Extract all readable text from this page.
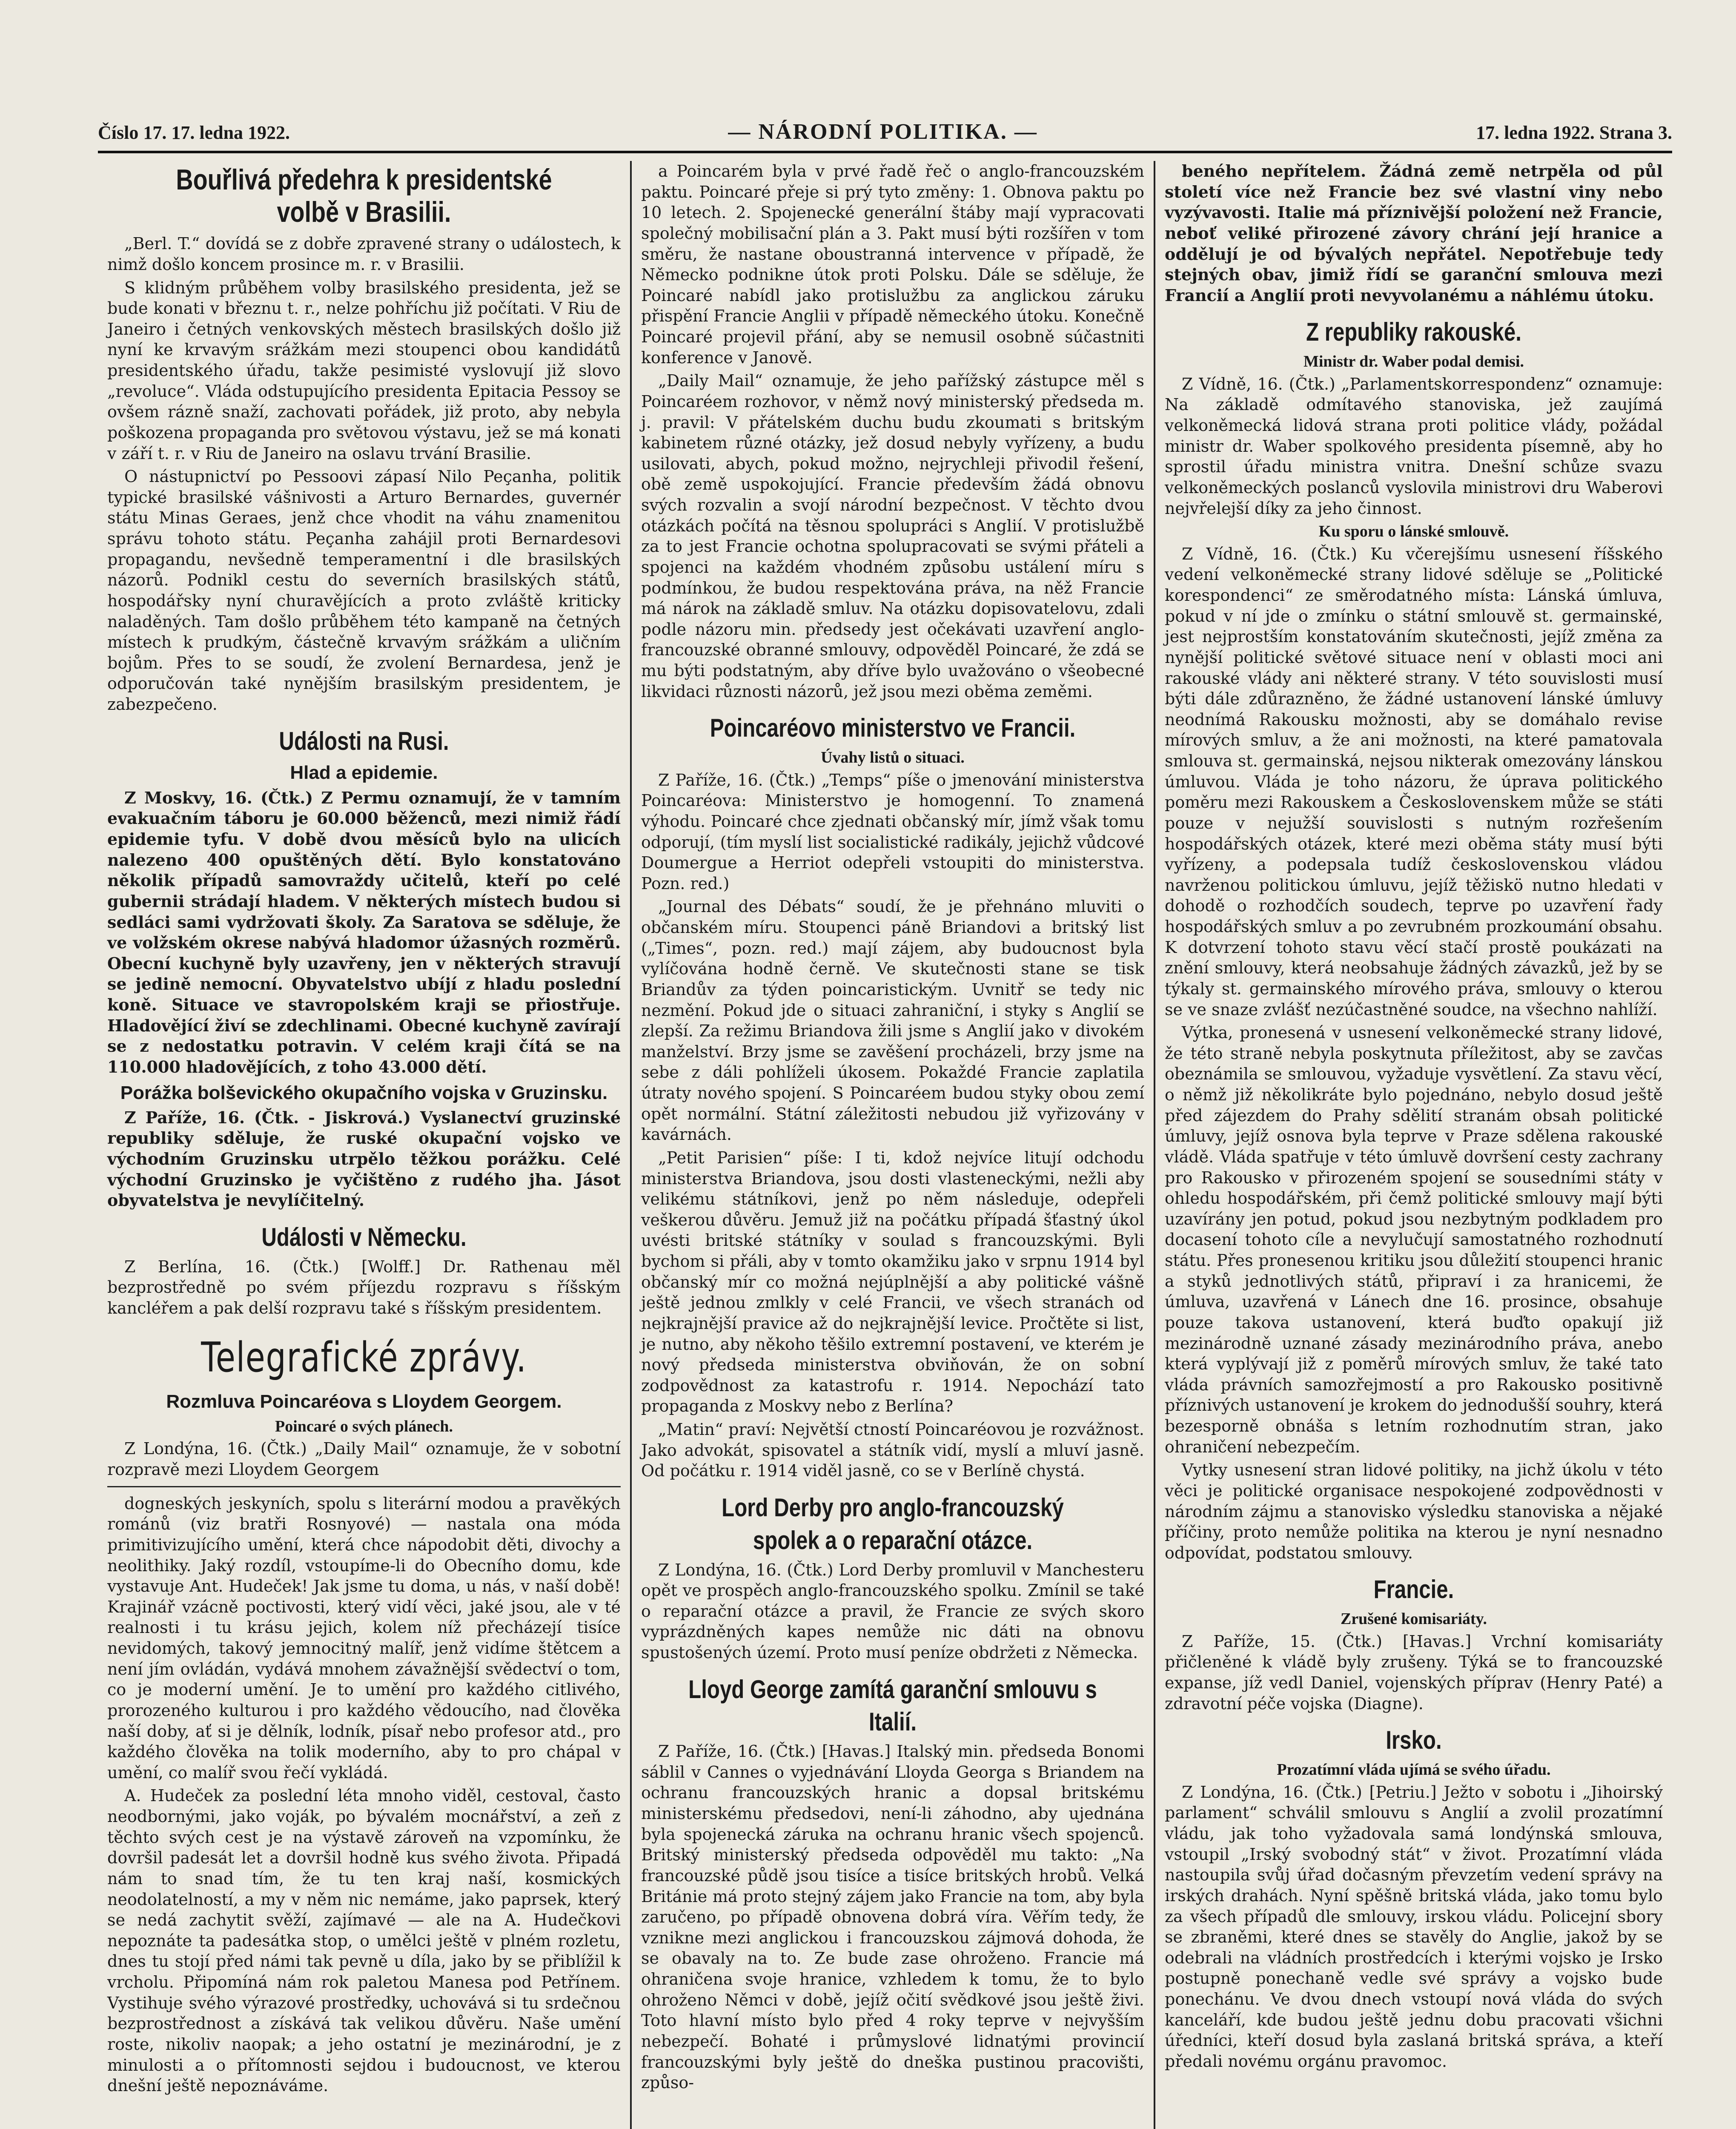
Číslo 17. 17. ledna 1922.	— NÁRODNÍ POLITIKA. —	17. ledna 1922. Strana 3.
Bouřlivá předehra k presidentské volbě v Brasilii.

„Berl. T.“ dovídá se z dobře zpravené strany o událostech, k nimž došlo koncem prosince m. r. v Brasilii.

S klidným průběhem volby brasilského presidenta, jež se bude konati v březnu t. r., nelze pohříchu již počítati. V Riu de Janeiro i četných venkovských městech brasilských došlo již nyní ke krvavým srážkám mezi stoupenci obou kandidátů presidentského úřadu, takže pesimisté vyslovují již slovo „revoluce“. Vláda odstupujícího presidenta Epitacia Pessoy se ovšem rázně snaží, zachovati pořádek, již proto, aby nebyla poškozena propaganda pro světovou výstavu, jež se má konati v září t. r. v Riu de Janeiro na oslavu trvání Brasilie.

O nástupnictví po Pessoovi zápasí Nilo Peçanha, politik typické brasilské vášnivosti a Arturo Bernardes, guvernér státu Minas Geraes, jenž chce vhodit na váhu znamenitou správu tohoto státu. Peçanha zahájil proti Bernardesovi propagandu, nevšedně temperamentní i dle brasilských názorů. Podnikl cestu do severních brasilských států, hospodářsky nyní churavějících a proto zvláště kriticky naladěných. Tam došlo průběhem této kampaně na četných místech k prudkým, částečně krvavým srážkám a uličním bojům. Přes to se soudí, že zvolení Bernardesa, jenž je odporučován také nynějším brasilským presidentem, je zabezpečeno.

Události na Rusi.
Hlad a epidemie.

Z Moskvy, 16. (Čtk.) Z Permu oznamují, že v tamním evakuačním táboru je 60.000 běženců, mezi nimiž řádí epidemie tyfu. V době dvou měsíců bylo na ulicích nalezeno 400 opuštěných dětí. Bylo konstatováno několik případů samovraždy učitelů, kteří po celé gubernii strádají hladem. V některých místech budou si sedláci sami vydržovati školy. Za Saratova se sděluje, že ve volžském okrese nabývá hladomor úžasných rozměrů. Obecní kuchyně byly uzavřeny, jen v některých stravují se jedině nemocní. Obyvatelstvo ubíjí z hladu poslední koně. Situace ve stavropolském kraji se přiostřuje. Hladovějící živí se zdechlinami. Obecné kuchyně zavírají se z nedostatku potravin. V celém kraji čítá se na 110.000 hladovějících, z toho 43.000 dětí.

Porážka bolševického okupačního vojska v Gruzinsku.

Z Paříže, 16. (Čtk. - Jiskrová.) Vyslanectví gruzinské republiky sděluje, že ruské okupační vojsko ve východním Gruzinsku utrpělo těžkou porážku. Celé východní Gruzinsko je vyčištěno z rudého jha. Jásot obyvatelstva je nevylíčitelný.

Události v Německu.

Z Berlína, 16. (Čtk.) [Wolff.] Dr. Rathenau měl bezprostředně po svém příjezdu rozpravu s říšským kancléřem a pak delší rozpravu také s říšským presidentem.

Telegrafické zprávy.
Rozmluva Poincaréova s Lloydem Georgem.
Poincaré o svých plánech.

Z Londýna, 16. (Čtk.) „Daily Mail“ oznamuje, že v sobotní rozpravě mezi Lloydem Georgem

dogneských jeskyních, spolu s literární modou a pravěkých románů (viz bratři Rosnyové) — nastala ona móda primitivizujícího umění, která chce nápodobit děti, divochy a neolithiky. Jaký rozdíl, vstoupíme-li do Obecního domu, kde vystavuje Ant. Hudeček! Jak jsme tu doma, u nás, v naší době! Krajinář vzácně poctivosti, který vidí věci, jaké jsou, ale v té realnosti i tu krásu jejich, kolem níž přecházejí tisíce nevidomých, takový jemnocitný malíř, jenž vidíme štětcem a není jím ovládán, vydává mnohem závažnější svědectví o tom, co je moderní umění. Je to umění pro každého citlivého, prorozeného kulturou i pro každého vědoucího, nad člověka naší doby, ať si je dělník, lodník, písař nebo profesor atd., pro každého člověka na tolik moderního, aby to pro chápal v umění, co malíř svou řečí vykládá.

A. Hudeček za poslední léta mnoho viděl, cestoval, často neodbornými, jako voják, po bývalém mocnářství, a zeň z těchto svých cest je na výstavě zároveň na vzpomínku, že dovršil padesát let a dovršil hodně kus svého života. Připadá nám to snad tím, že tu ten kraj naší, kosmických neodolatelností, a my v něm nic nemáme, jako paprsek, který se nedá zachytit svěží, zajímavé — ale na A. Hudečkovi nepoznáte ta padesátka stop, o umělci ještě v plném rozletu, dnes tu stojí před námi tak pevně u díla, jako by se přiblížil k vrcholu. Připomíná nám rok paletou Manesa pod Petřínem. Vystihuje svého výrazové prostředky, uchovává si tu srdečnou bezprostřednost a získává tak velikou důvěru. Naše umění roste, nikoliv naopak; a jeho ostatní je mezinárodní, je z minulosti a o přítomnosti sejdou i budoucnost, ve kterou dnešní ještě nepoznáváme.

a Poincarém byla v prvé řadě řeč o anglo-francouzském paktu. Poincaré přeje si prý tyto změny: 1. Obnova paktu po 10 letech. 2. Spojenecké generální štáby mají vypracovati společný mobilisační plán a 3. Pakt musí býti rozšířen v tom směru, že nastane oboustranná intervence v případě, že Německo podnikne útok proti Polsku. Dále se sděluje, že Poincaré nabídl jako protislužbu za anglickou záruku přispění Francie Anglii v případě německého útoku. Konečně Poincaré projevil přání, aby se nemusil osobně súčastniti konference v Janově.

„Daily Mail“ oznamuje, že jeho pařížský zástupce měl s Poincaréem rozhovor, v němž nový ministerský předseda m. j. pravil: V přátelském duchu budu zkoumati s britským kabinetem různé otázky, jež dosud nebyly vyřízeny, a budu usilovati, abych, pokud možno, nejrychleji přivodil řešení, obě země uspokojující. Francie především žádá obnovu svých rozvalin a svojí národní bezpečnost. V těchto dvou otázkách počítá na těsnou spolupráci s Anglií. V protislužbě za to jest Francie ochotna spolupracovati se svými přáteli a spojenci na každém vhodném způsobu ustálení míru s podmínkou, že budou respektována práva, na něž Francie má nárok na základě smluv. Na otázku dopisovatelovu, zdali podle názoru min. předsedy jest očekávati uzavření anglo-francouzské obranné smlouvy, odpověděl Poincaré, že zdá se mu býti podstatným, aby dříve bylo uvažováno o všeobecné likvidaci různosti názorů, jež jsou mezi oběma zeměmi.

Poincaréovo ministerstvo ve Francii.
Úvahy listů o situaci.

Z Paříže, 16. (Čtk.) „Temps“ píše o jmenování ministerstva Poincaréova: Ministerstvo je homogenní. To znamená výhodu. Poincaré chce zjednati občanský mír, jímž však tomu odporují, (tím myslí list socialistické radikály, jejichž vůdcové Doumergue a Herriot odepřeli vstoupiti do ministerstva. Pozn. red.)

„Journal des Débats“ soudí, že je přehnáno mluviti o občanském míru. Stoupenci páně Briandovi a britský list („Times“, pozn. red.) mají zájem, aby budoucnost byla vylíčována hodně černě. Ve skutečnosti stane se tisk Briandův za týden poincaristickým. Uvnitř se tedy nic nezmění. Pokud jde o situaci zahraniční, i styky s Anglií se zlepší. Za režimu Briandova žili jsme s Anglií jako v divokém manželství. Brzy jsme se zavěšení procházeli, brzy jsme na sebe z dáli pohlíželi úkosem. Pokaždé Francie zaplatila útraty nového spojení. S Poincaréem budou styky obou zemí opět normální. Státní záležitosti nebudou již vyřizovány v kavárnách.

„Petit Parisien“ píše: I ti, kdož nejvíce litují odchodu ministerstva Briandova, jsou dosti vlasteneckými, nežli aby velikému státníkovi, jenž po něm následuje, odepřeli veškerou důvěru. Jemuž již na počátku případá šťastný úkol uvésti britské státníky v soulad s francouzskými. Byli bychom si přáli, aby v tomto okamžiku jako v srpnu 1914 byl občanský mír co možná nejúplnější a aby politické vášně ještě jednou zmlkly v celé Francii, ve všech stranách od nejkrajnější pravice až do nejkrajnější levice. Pročtěte si list, je nutno, aby někoho těšilo extremní postavení, ve kterém je nový předseda ministerstva obviňován, že on sobní zodpovědnost za katastrofu r. 1914. Nepochází tato propaganda z Moskvy nebo z Berlína?

„Matin“ praví: Největší ctností Poincaréovou je rozvážnost. Jako advokát, spisovatel a státník vidí, myslí a mluví jasně. Od počátku r. 1914 viděl jasně, co se v Berlíně chystá.

Lord Derby pro anglo-francouzský spolek a o reparační otázce.

Z Londýna, 16. (Čtk.) Lord Derby promluvil v Manchesteru opět ve prospěch anglo-francouzského spolku. Zmínil se také o reparační otázce a pravil, že Francie ze svých skoro vyprázdněných kapes nemůže nic dáti na obnovu spustošených území. Proto musí peníze obdržeti z Německa.

Lloyd George zamítá garanční smlouvu s Italií.

Z Paříže, 16. (Čtk.) [Havas.] Italský min. předseda Bonomi sáblil v Cannes o vyjednávání Lloyda Georga s Briandem na ochranu francouzských hranic a dopsal britskému ministerskému předsedovi, není-li záhodno, aby ujednána byla spojenecká záruka na ochranu hranic všech spojenců. Britský ministerský předseda odpověděl mu takto: „Na francouzské půdě jsou tisíce a tisíce britských hrobů. Velká Británie má proto stejný zájem jako Francie na tom, aby byla zaručeno, po případě obnovena dobrá víra. Věřím tedy, že vznikne mezi anglickou i francouzskou zájmová dohoda, že se obavaly na to. Ze bude zase ohroženo. Francie má ohraničena svoje hranice, vzhledem k tomu, že to bylo ohroženo Němci v době, jejíž očití svědkové jsou ještě živi. Toto hlavní místo bylo před 4 roky teprve v nejvyšším nebezpečí. Bohaté i průmyslové lidnatými provincií francouzskými byly ještě do dneška pustinou pracovišti, způso-

beného nepřítelem. Žádná země netrpěla od půl století více než Francie bez své vlastní viny nebo vyzývavosti. Italie má příznivější položení než Francie, neboť veliké přirozené závory chrání její hranice a oddělují je od bývalých nepřátel. Nepotřebuje tedy stejných obav, jimiž řídí se garanční smlouva mezi Francií a Anglií proti nevyvolanému a náhlému útoku.

Z republiky rakouské.
Ministr dr. Waber podal demisi.

Z Vídně, 16. (Čtk.) „Parlamentskorrespondenz“ oznamuje: Na základě odmítavého stanoviska, jež zaujímá velkoněmecká lidová strana proti politice vlády, požádal ministr dr. Waber spolkového presidenta písemně, aby ho sprostil úřadu ministra vnitra. Dnešní schůze svazu velkoněmeckých poslanců vyslovila ministrovi dru Waberovi nejvřelejší díky za jeho činnost.

Ku sporu o lánské smlouvě.

Z Vídně, 16. (Čtk.) Ku včerejšímu usnesení říšského vedení velkoněmecké strany lidové sděluje se „Politické korespondenci“ ze směrodatného místa: Lánská úmluva, pokud v ní jde o zmínku o státní smlouvě st. germainské, jest nejprostším konstatováním skutečnosti, jejíž změna za nynější politické světové situace není v oblasti moci ani rakouské vlády ani některé strany. V této souvislosti musí býti dále zdůrazněno, že žádné ustanovení lánské úmluvy neodnímá Rakousku možnosti, aby se domáhalo revise mírových smluv, a že ani možnosti, na které pamatovala smlouva st. germainská, nejsou nikterak omezovány lánskou úmluvou. Vláda je toho názoru, že úprava politického poměru mezi Rakouskem a Československem může se státi pouze v nejužší souvislosti s nutným rozřešením hospodářských otázek, které mezi oběma státy musí býti vyřízeny, a podepsala tudíž československou vládou navrženou politickou úmluvu, jejíž těžiskö nutno hledati v dohodě o rozhodčích soudech, teprve po uzavření řady hospodářských smluv a po zevrubném prozkoumání obsahu. K dotvrzení tohoto stavu věcí stačí prostě poukázati na znění smlouvy, která neobsahuje žádných závazků, jež by se týkaly st. germainského mírového práva, smlouvy o kterou se ve snaze zvlášť nezúčastněné soudce, na všechno nahlíží.

Výtka, pronesená v usnesení velkoněmecké strany lidové, že této straně nebyla poskytnuta příležitost, aby se zavčas obeznámila se smlouvou, vyžaduje vysvětlení. Za stavu věcí, o němž již několikráte bylo pojednáno, nebylo dosud ještě před zájezdem do Prahy sdělití stranám obsah politické úmluvy, jejíž osnova byla teprve v Praze sdělena rakouské vládě. Vláda spatřuje v této úmluvě dovršení cesty zachrany pro Rakousko v přirozeném spojení se sousedními státy v ohledu hospodářském, při čemž politické smlouvy mají býti uzavírány jen potud, pokud jsou nezbytným podkladem pro docasení tohoto cíle a nevylučují samostatného rozhodnutí státu. Přes pronesenou kritiku jsou důležití stoupenci hranic a styků jednotlivých států, připraví i za hranicemi, že úmluva, uzavřená v Lánech dne 16. prosince, obsahuje pouze takova ustanovení, která buďto opakují již mezinárodně uznané zásady mezinárodního práva, anebo která vyplývají již z poměrů mírových smluv, že také tato vláda právních samozřejmostí a pro Rakousko positivně příznivých ustanovení je krokem do jednodušší souhry, která bezesporně obnáša s letním rozhodnutím stran, jako ohraničení nebezpečím.

Vytky usnesení stran lidové politiky, na jichž úkolu v této věci je politické organisace nespokojené zodpovědnosti v národním zájmu a stanovisko výsledku stanoviska a nějaké příčiny, proto nemůže politika na kterou je nyní nesnadno odpovídat, podstatou smlouvy.

Francie.
Zrušené komisariáty.

Z Paříže, 15. (Čtk.) [Havas.] Vrchní komisariáty přičleněné k vládě byly zrušeny. Týká se to francouzské expanse, jíž vedl Daniel, vojenských příprav (Henry Paté) a zdravotní péče vojska (Diagne).

Irsko.
Prozatímní vláda ujímá se svého úřadu.

Z Londýna, 16. (Čtk.) [Petriu.] Ježto v sobotu i „Jihoirský parlament“ schválil smlouvu s Anglií a zvolil prozatímní vládu, jak toho vyžadovala samá londýnská smlouva, vstoupil „Irský svobodný stát“ v život. Prozatímní vláda nastoupila svůj úřad dočasným převzetím vedení správy na irských drahách. Nyní spěšně britská vláda, jako tomu bylo za všech případů dle smlouvy, irskou vládu. Policejní sbory se zbraněmi, které dnes se stavěly do Anglie, jakož by se odebrali na vládních prostředcích i kterými vojsko je Irsko postupně ponechaně vedle své správy a vojsko bude ponechánu. Ve dvou dnech vstoupí nová vláda do svých kanceláří, kde budou ještě jednu dobu pracovati všichni úředníci, kteří dosud byla zaslaná britská správa, a kteří předali novému orgánu pravomoc.
